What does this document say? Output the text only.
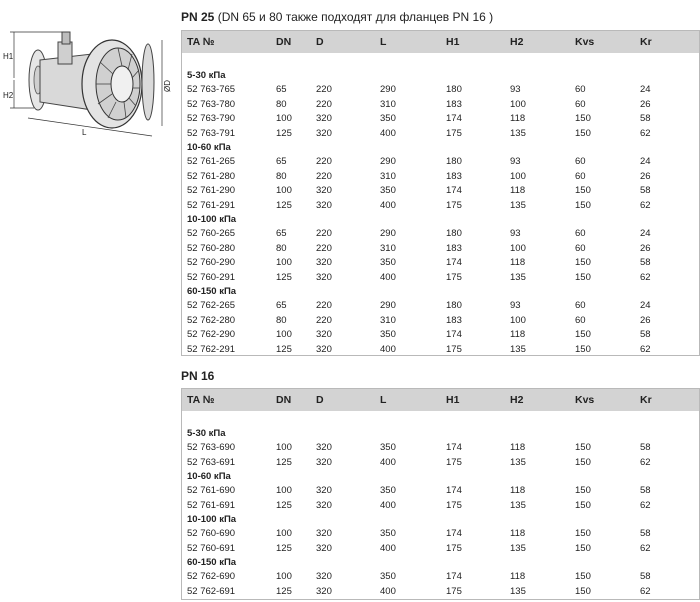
H1
H2
L
ØD
PN 25 (DN 65 и 80 также подходят для фланцев PN 16 )
TA №	DN D	L	H1	H2	Kvs	Kr
5-30 кПа
52 763-765	65	220	290	180	93	60	24
52 763-780	80	220	310	183	100	60	26
52 763-790	100	320	350	174	118	150	58
52 763-791	125	320	400	175	135	150	62
10-60 кПа
52 761-265	65	220	290	180	93	60	24
52 761-280	80	220	310	183	100	60	26
52 761-290	100	320	350	174	118	150	58
52 761-291	125	320	400	175	135	150	62
10-100 кПа
52 760-265	65	220	290	180	93	60	24
52 760-280	80	220	310	183	100	60	26
52 760-290	100	320	350	174	118	150	58
52 760-291	125	320	400	175	135	150	62
60-150 кПа
52 762-265	65	220	290	180	93	60	24
52 762-280	80	220	310	183	100	60	26
52 762-290	100	320	350	174	118	150	58
52 762-291	125	320	400	175	135	150	62
PN 16
TA №	DN D	L	H1	H2	Kvs	Kr
5-30 кПа
52 763-690	100	320	350	174	118	150	58
52 763-691	125	320	400	175	135	150	62
10-60 кПа
52 761-690	100	320	350	174	118	150	58
52 761-691	125	320	400	175	135	150	62
10-100 кПа
52 760-690	100	320	350	174	118	150	58
52 760-691	125	320	400	175	135	150	62
60-150 кПа
52 762-690	100	320	350	174	118	150	58
52 762-691	125	320	400	175	135	150	62
